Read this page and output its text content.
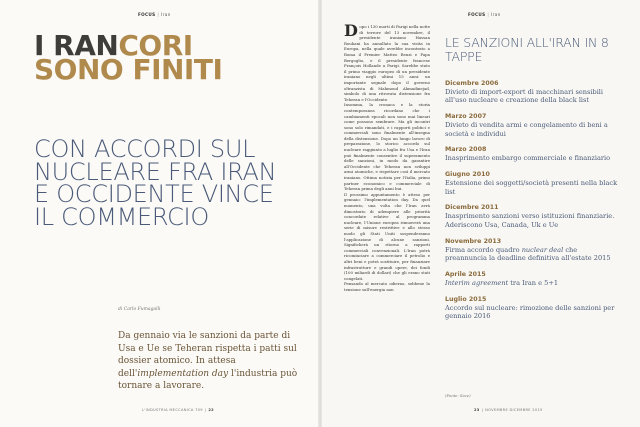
FOCUS | Iran
I RANCORI
SONO FINITI
CON ACCORDI SUL NUCLEARE FRA IRAN E OCCIDENTE VINCE IL COMMERCIO
di Carlo Fumagalli
Da gennaio via le sanzioni da parte di Usa e Ue se Teheran rispetta i patti sul dossier atomico. In attesa dell'implementation day l'industria può tornare a lavorare.
L'INDUSTRIA MECCANICA 709 | 22
FOCUS | Iran
23 | NOVEMBRE DICEMBRE 2015
Dopo i 130 morti di Parigi nella notte di terrore del 13 novembre, il presidente iraniano Hassan Rouhani ha annullato la sua visita in Europa, nella quale avrebbe incontrato a Roma il Premier Matteo Renzi e Papa Bergoglio, e il presidente francese François Hollande a Parigi. Sarebbe stato il primo viaggio europeo di un presidente iraniano negli ultimi 15 anni: un importante segnale dopo il governo oltranzista di Mahmoud Ahmadinejad, simbolo di una ritrovata distensione fra Teheran e l'Occidente.
Insomma, la cronaca e la storia contemporanea ricordano che i cambiamenti epocali non sono mai lineari come possono sembrare. Ma gli incontri sono solo rimandati, e i rapporti politici e commerciali sono finalmente all'insegna della distensione. Dopo un lungo lavoro di preparazione, lo storico accordo sul nucleare raggiunto a luglio fra Usa e l'Iran può finalmente consentire il superamento delle sanzioni, in modo da garantire all'Occidente che Teheran non sviluppi armi atomiche, e rispettare così il mercato iraniano. Ottima notizia per l'Italia, primo partner economico e commerciale di Teheran prima degli anni bui.
Il prossimo appuntamento è atteso per gennaio: l'implementation day. Da quel momento, una volta che l'Iran avrà dimostrato di adempiere alle priorità concordate relative al programma nucleare, l'Unione europea rimuoverà una serie di misure restrittive e allo stesso modo gli Stati Uniti sospenderanno l'applicazione di alcune sanzioni. Significherà un ritorno a rapporti commerciali convenzionali. L'Iran potrà ricominciare a commerciare il petrolio e altri beni e potrà sostituire, per finanziare infrastrutture e grandi opere, dei fondi (100 miliardi di dollari) che gli erano stati congelati.
Pensando al mercato odierno, sebbene la tensione sull'energia non
LE SANZIONI ALL'IRAN IN 8 TAPPE
Dicembre 2006
Divieto di import-export di macchinari sensibili all'uso nucleare e creazione della black list
Marzo 2007
Divieto di vendita armi e congelamento di beni a società e individui
Marzo 2008
Inasprimento embargo commerciale e finanziario
Giugno 2010
Estensione dei soggetti/società presenti nella black list
Dicembre 2011
Inasprimento sanzioni verso istituzioni finanziarie. Aderiscono Usa, Canada, Uk e Ue
Novembre 2013
Firma accordo quadro nuclear deal che preannuncia la deadline definitiva all'estate 2015
Aprile 2015
Interim agreement tra Iran e 5+1
Luglio 2015
Accordo sul nucleare: rimozione delle sanzioni per gennaio 2016
(Fonte: Sace)
